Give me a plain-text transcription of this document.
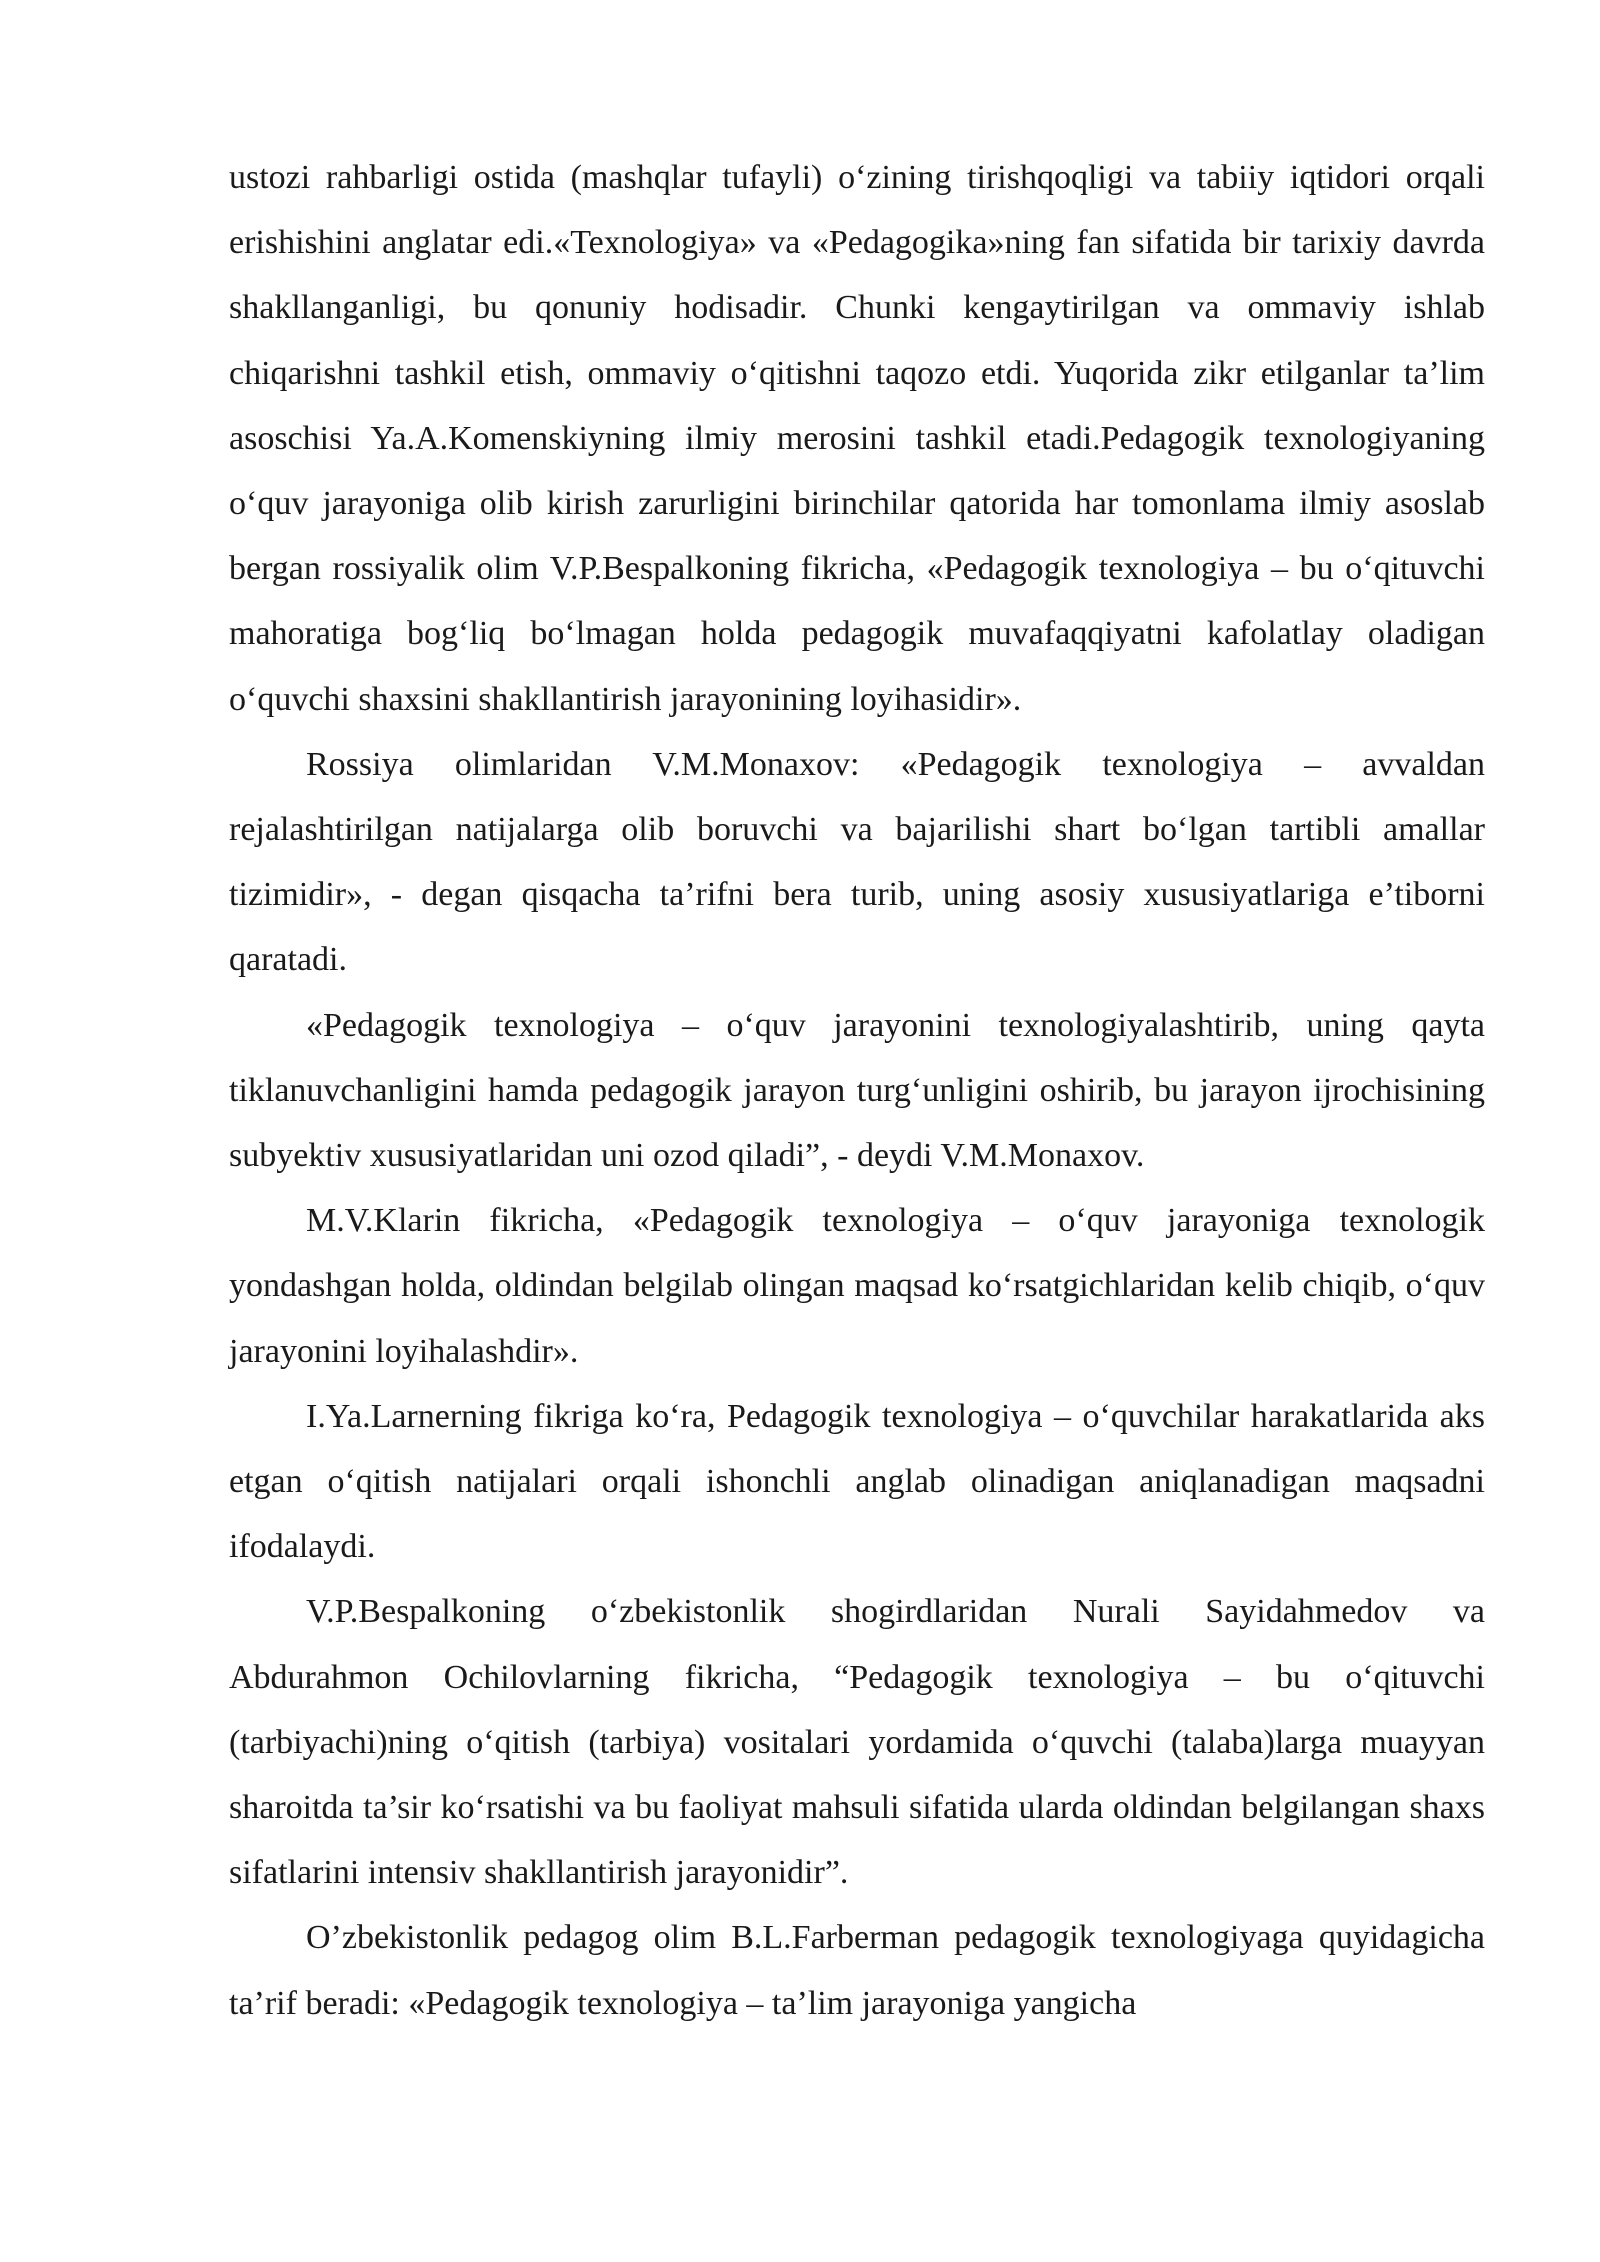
ustozi rahbarligi ostida (mashqlar tufayli) o‘zining tirishqoqligi va tabiiy iqtidori orqali erishishini anglatar edi.«Texnologiya» va «Pedagogika»ning fan sifatida bir tarixiy davrda shakllanganligi, bu qonuniy hodisadir. Chunki kengaytirilgan va ommaviy ishlab chiqarishni tashkil etish, ommaviy o‘qitishni taqozo etdi. Yuqorida zikr etilganlar ta’lim asoschisi Ya.A.Komenskiyning ilmiy merosini tashkil etadi.Pedagogik texnologiyaning o‘quv jarayoniga olib kirish zarurligini birinchilar qatorida har tomonlama ilmiy asoslab bergan rossiyalik olim V.P.Bespalkoning fikricha, «Pedagogik texnologiya – bu o‘qituvchi mahoratiga bog‘liq bo‘lmagan holda pedagogik muvafaqqiyatni kafolatlay oladigan o‘quvchi shaxsini shakllantirish jarayonining loyihasidir».

Rossiya olimlaridan V.M.Monaxov: «Pedagogik texnologiya – avvaldan rejalashtirilgan natijalarga olib boruvchi va bajarilishi shart bo‘lgan tartibli amallar tizimidir», - degan qisqacha ta’rifni bera turib, uning asosiy xususiyatlariga e’tiborni qaratadi.

«Pedagogik texnologiya – o‘quv jarayonini texnologiyalashtirib, uning qayta tiklanuvchanligini hamda pedagogik jarayon turg‘unligini oshirib, bu jarayon ijrochisining subyektiv xususiyatlaridan uni ozod qiladi”, - deydi V.M.Monaxov.

M.V.Klarin fikricha, «Pedagogik texnologiya – o‘quv jarayoniga texnologik yondashgan holda, oldindan belgilab olingan maqsad ko‘rsatgichlaridan kelib chiqib, o‘quv jarayonini loyihalashdir».

I.Ya.Larnerning fikriga ko‘ra, Pedagogik texnologiya – o‘quvchilar harakatlarida aks etgan o‘qitish natijalari orqali ishonchli anglab olinadigan aniqlanadigan maqsadni ifodalaydi.

V.P.Bespalkoning o‘zbekistonlik shogirdlaridan Nurali Sayidahmedov va Abdurahmon Ochilovlarning fikricha, “Pedagogik texnologiya – bu o‘qituvchi (tarbiyachi)ning o‘qitish (tarbiya) vositalari yordamida o‘quvchi (talaba)larga muayyan sharoitda ta’sir ko‘rsatishi va bu faoliyat mahsuli sifatida ularda oldindan belgilangan shaxs sifatlarini intensiv shakllantirish jarayonidir”.

O’zbekistonlik pedagog olim B.L.Farberman pedagogik texnologiyaga quyidagicha ta’rif beradi: «Pedagogik texnologiya – ta’lim jarayoniga yangicha
